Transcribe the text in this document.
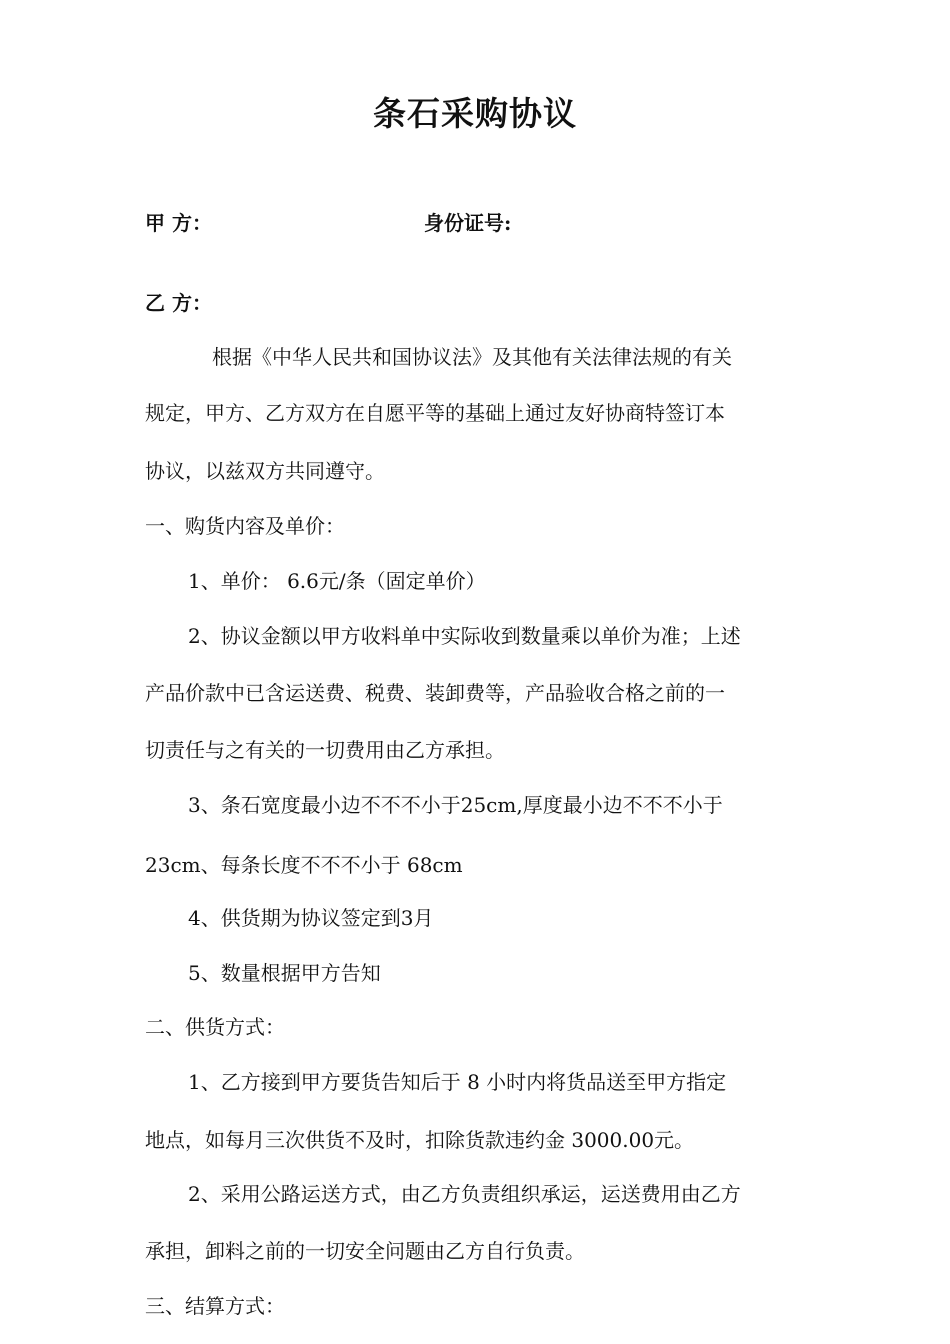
条石采购协议

甲 方：	身份证号:

乙 方：

根据《中华人民共和国协议法》及其他有关法律法规的有关

规定，甲方、乙方双方在自愿平等的基础上通过友好协商特签订本

协议，以兹双方共同遵守。

一、购货内容及单价：

1、单价： 6.6元/条（固定单价）

2、协议金额以甲方收料单中实际收到数量乘以单价为准；上述

产品价款中已含运送费、税费、装卸费等，产品验收合格之前的一

切责任与之有关的一切费用由乙方承担。

3、条石宽度最小边不不不小于25cm,厚度最小边不不不小于

23cm、每条长度不不不小于 68cm

4、供货期为协议签定到3月

5、数量根据甲方告知

二、供货方式：

1、乙方接到甲方要货告知后于 8 小时内将货品送至甲方指定

地点，如每月三次供货不及时，扣除货款违约金 3000.00元。

2、采用公路运送方式，由乙方负责组织承运，运送费用由乙方

承担，卸料之前的一切安全问题由乙方自行负责。

三、结算方式：
